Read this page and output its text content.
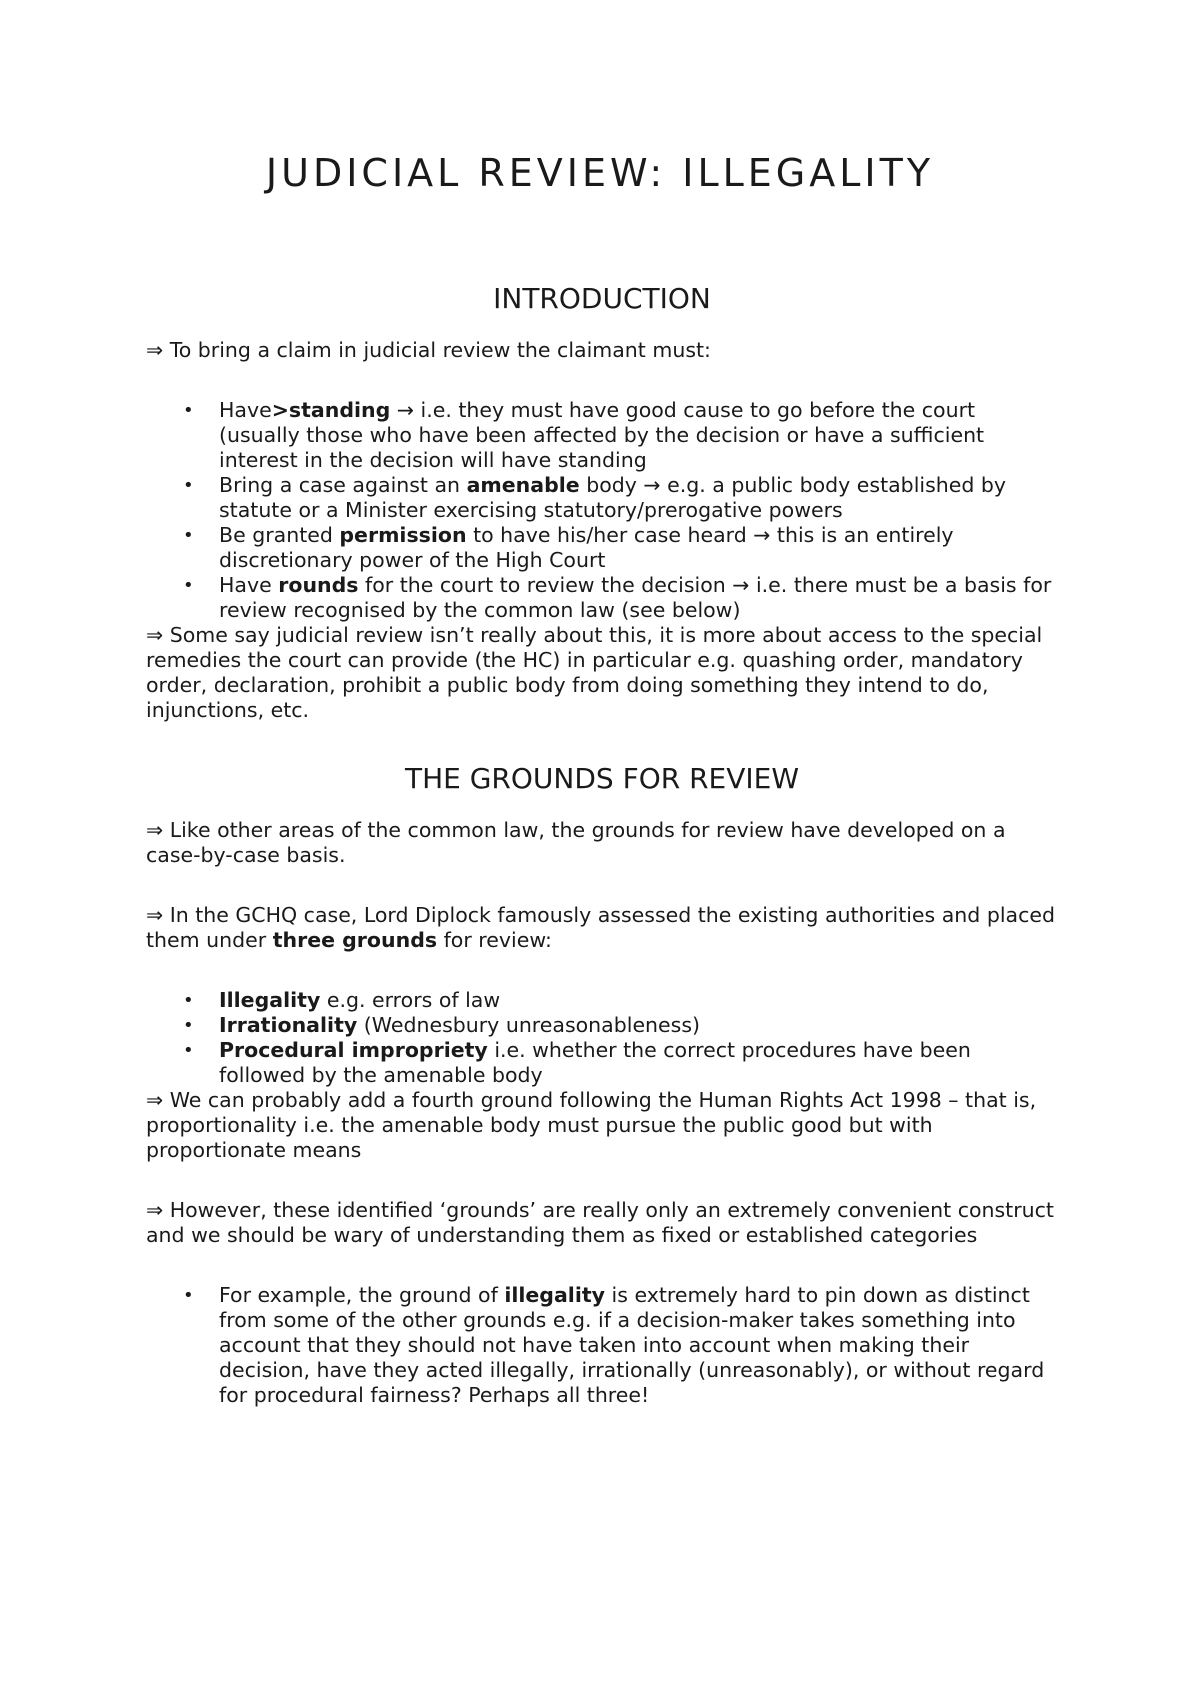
JUDICIAL REVIEW: ILLEGALITY
INTRODUCTION

⇒ To bring a claim in judicial review the claimant must:

• Have>standing → i.e. they must have good cause to go before the court (usually those who have been affected by the decision or have a sufficient interest in the decision will have standing
• Bring a case against an amenable body → e.g. a public body established by statute or a Minister exercising statutory/prerogative powers
• Be granted permission to have his/her case heard → this is an entirely discretionary power of the High Court
• Have rounds for the court to review the decision → i.e. there must be a basis for review recognised by the common law (see below)

⇒ Some say judicial review isn’t really about this, it is more about access to the special remedies the court can provide (the HC) in particular e.g. quashing order, mandatory order, declaration, prohibit a public body from doing something they intend to do, injunctions, etc.

THE GROUNDS FOR REVIEW

⇒ Like other areas of the common law, the grounds for review have developed on a case-by-case basis.

⇒ In the GCHQ case, Lord Diplock famously assessed the existing authorities and placed them under three grounds for review:

• Illegality e.g. errors of law
• Irrationality (Wednesbury unreasonableness)
• Procedural impropriety i.e. whether the correct procedures have been followed by the amenable body

⇒ We can probably add a fourth ground following the Human Rights Act 1998 – that is, proportionality i.e. the amenable body must pursue the public good but with proportionate means

⇒ However, these identified ‘grounds’ are really only an extremely convenient construct and we should be wary of understanding them as fixed or established categories

• For example, the ground of illegality is extremely hard to pin down as distinct from some of the other grounds e.g. if a decision-maker takes something into account that they should not have taken into account when making their decision, have they acted illegally, irrationally (unreasonably), or without regard for procedural fairness? Perhaps all three!
